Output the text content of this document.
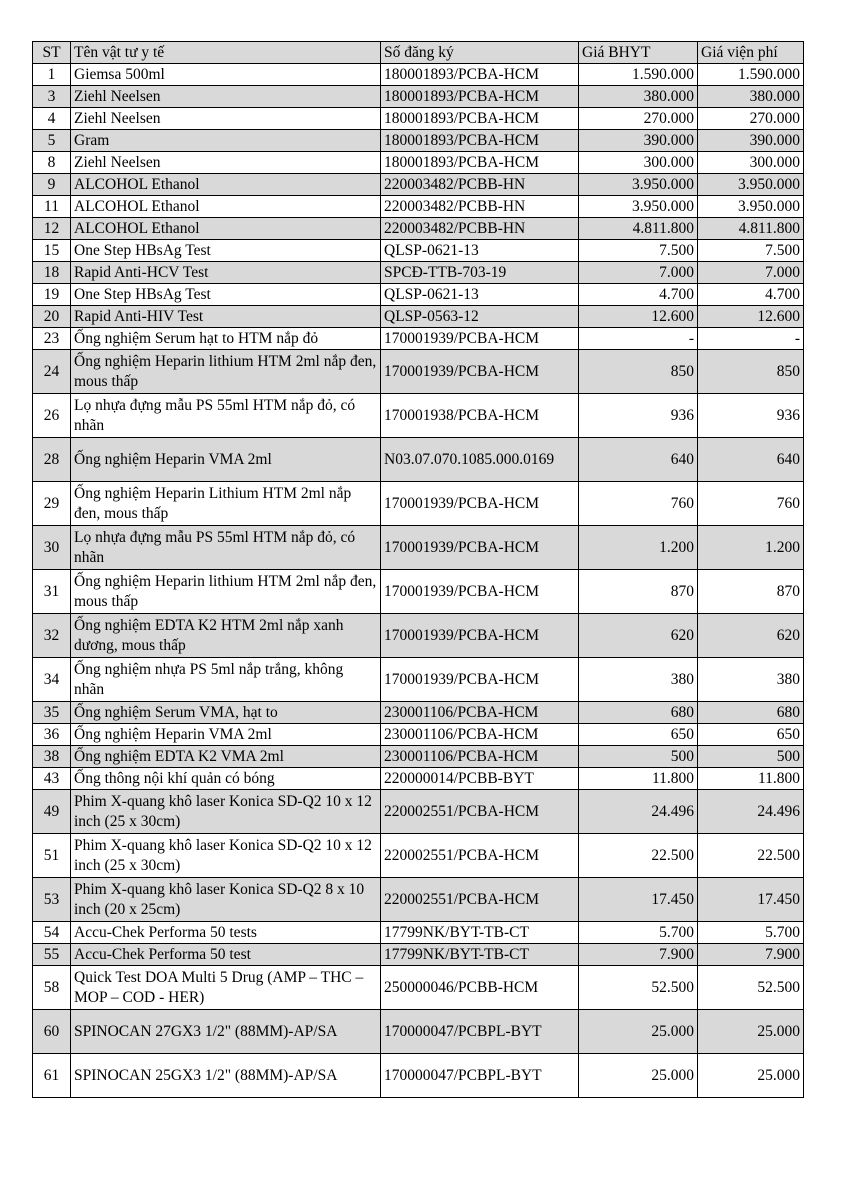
ST	Tên vật tư y tế	Số đăng ký	Giá BHYT	Giá viện phí
1	Giemsa 500ml	180001893/PCBA-HCM	1.590.000	1.590.000
3	Ziehl Neelsen	180001893/PCBA-HCM	380.000	380.000
4	Ziehl Neelsen	180001893/PCBA-HCM	270.000	270.000
5	Gram	180001893/PCBA-HCM	390.000	390.000
8	Ziehl Neelsen	180001893/PCBA-HCM	300.000	300.000
9	ALCOHOL Ethanol	220003482/PCBB-HN	3.950.000	3.950.000
11	ALCOHOL Ethanol	220003482/PCBB-HN	3.950.000	3.950.000
12	ALCOHOL Ethanol	220003482/PCBB-HN	4.811.800	4.811.800
15	One Step HBsAg Test	QLSP-0621-13	7.500	7.500
18	Rapid Anti-HCV Test	SPCĐ-TTB-703-19	7.000	7.000
19	One Step HBsAg Test	QLSP-0621-13	4.700	4.700
20	Rapid Anti-HIV Test	QLSP-0563-12	12.600	12.600
23	Ống nghiệm Serum hạt to HTM nắp đỏ	170001939/PCBA-HCM	-	-
24	Ống nghiệm Heparin lithium HTM 2ml nắp đen, mous thấp	170001939/PCBA-HCM	850	850
26	Lọ nhựa đựng mẫu PS 55ml HTM nắp đỏ, có nhãn	170001938/PCBA-HCM	936	936
28	Ống nghiệm Heparin VMA 2ml	N03.07.070.1085.000.0169	640	640
29	Ống nghiệm Heparin Lithium HTM 2ml nắp đen, mous thấp	170001939/PCBA-HCM	760	760
30	Lọ nhựa đựng mẫu PS 55ml HTM nắp đỏ, có nhãn	170001939/PCBA-HCM	1.200	1.200
31	Ống nghiệm Heparin lithium HTM 2ml nắp đen, mous thấp	170001939/PCBA-HCM	870	870
32	Ống nghiệm EDTA K2 HTM 2ml nắp xanh dương, mous thấp	170001939/PCBA-HCM	620	620
34	Ống nghiệm nhựa PS 5ml nắp trắng, không nhãn	170001939/PCBA-HCM	380	380
35	Ống nghiệm Serum VMA, hạt to	230001106/PCBA-HCM	680	680
36	Ống nghiệm Heparin VMA 2ml	230001106/PCBA-HCM	650	650
38	Ống nghiệm EDTA K2 VMA 2ml	230001106/PCBA-HCM	500	500
43	Ống thông nội khí quản có bóng	220000014/PCBB-BYT	11.800	11.800
49	Phim X-quang khô laser Konica SD-Q2 10 x 12 inch (25 x 30cm)	220002551/PCBA-HCM	24.496	24.496
51	Phim X-quang khô laser Konica SD-Q2 10 x 12 inch (25 x 30cm)	220002551/PCBA-HCM	22.500	22.500
53	Phim X-quang khô laser Konica SD-Q2 8 x 10 inch (20 x 25cm)	220002551/PCBA-HCM	17.450	17.450
54	Accu-Chek Performa 50 tests	17799NK/BYT-TB-CT	5.700	5.700
55	Accu-Chek Performa 50 test	17799NK/BYT-TB-CT	7.900	7.900
58	Quick Test DOA Multi 5 Drug (AMP – THC – MOP – COD - HER)	250000046/PCBB-HCM	52.500	52.500
60	SPINOCAN 27GX3 1/2" (88MM)-AP/SA	170000047/PCBPL-BYT	25.000	25.000
61	SPINOCAN 25GX3 1/2" (88MM)-AP/SA	170000047/PCBPL-BYT	25.000	25.000
